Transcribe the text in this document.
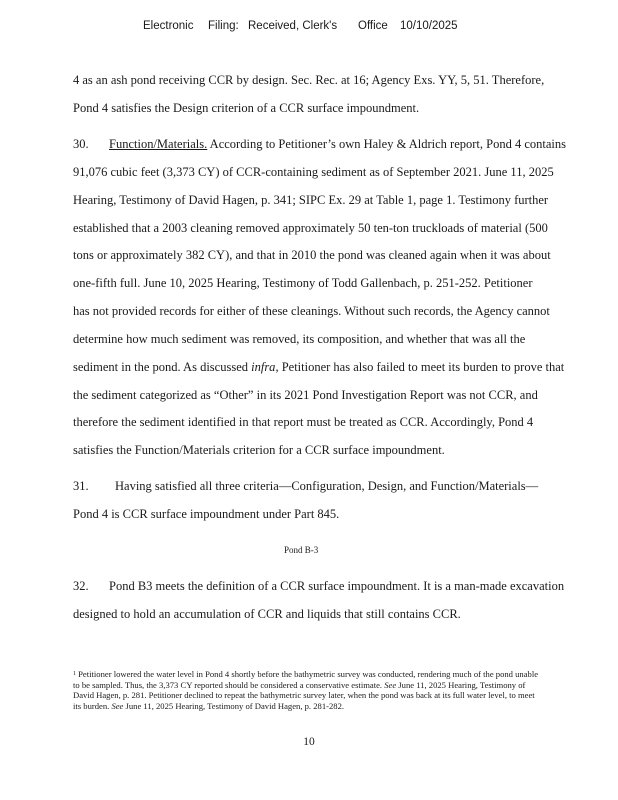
Electronic Filing: Received, Clerk's Office 10/10/2025
4 as an ash pond receiving CCR by design. Sec. Rec. at 16; Agency Exs. YY, 5, 51. Therefore,
Pond 4 satisfies the Design criterion of a CCR surface impoundment.
30. Function/Materials. According to Petitioner’s own Haley & Aldrich report, Pond 4 contains
91,076 cubic feet (3,373 CY) of CCR-containing sediment as of September 2021. June 11, 2025
Hearing, Testimony of David Hagen, p. 341; SIPC Ex. 29 at Table 1, page 1. Testimony further
established that a 2003 cleaning removed approximately 50 ten-ton truckloads of material (500
tons or approximately 382 CY), and that in 2010 the pond was cleaned again when it was about
one-fifth full. June 10, 2025 Hearing, Testimony of Todd Gallenbach, p. 251-252. Petitioner
has not provided records for either of these cleanings. Without such records, the Agency cannot
determine how much sediment was removed, its composition, and whether that was all the
sediment in the pond. As discussed infra, Petitioner has also failed to meet its burden to prove that
the sediment categorized as “Other” in its 2021 Pond Investigation Report was not CCR, and
therefore the sediment identified in that report must be treated as CCR. Accordingly, Pond 4
satisfies the Function/Materials criterion for a CCR surface impoundment.
31. Having satisfied all three criteria—Configuration, Design, and Function/Materials—
Pond 4 is CCR surface impoundment under Part 845.
Pond B-3
32. Pond B3 meets the definition of a CCR surface impoundment. It is a man-made excavation
designed to hold an accumulation of CCR and liquids that still contains CCR.
$^1$ Petitioner lowered the water level in Pond 4 shortly before the bathymetric survey was conducted, rendering much of the pond unable to be sampled. Thus, the 3,373 CY reported should be considered a conservative estimate. See June 11, 2025 Hearing, Testimony of David Hagen, p. 281. Petitioner declined to repeat the bathymetric survey later, when the pond was back at its full water level, to meet its burden. See June 11, 2025 Hearing, Testimony of David Hagen, p. 281-282.
10
